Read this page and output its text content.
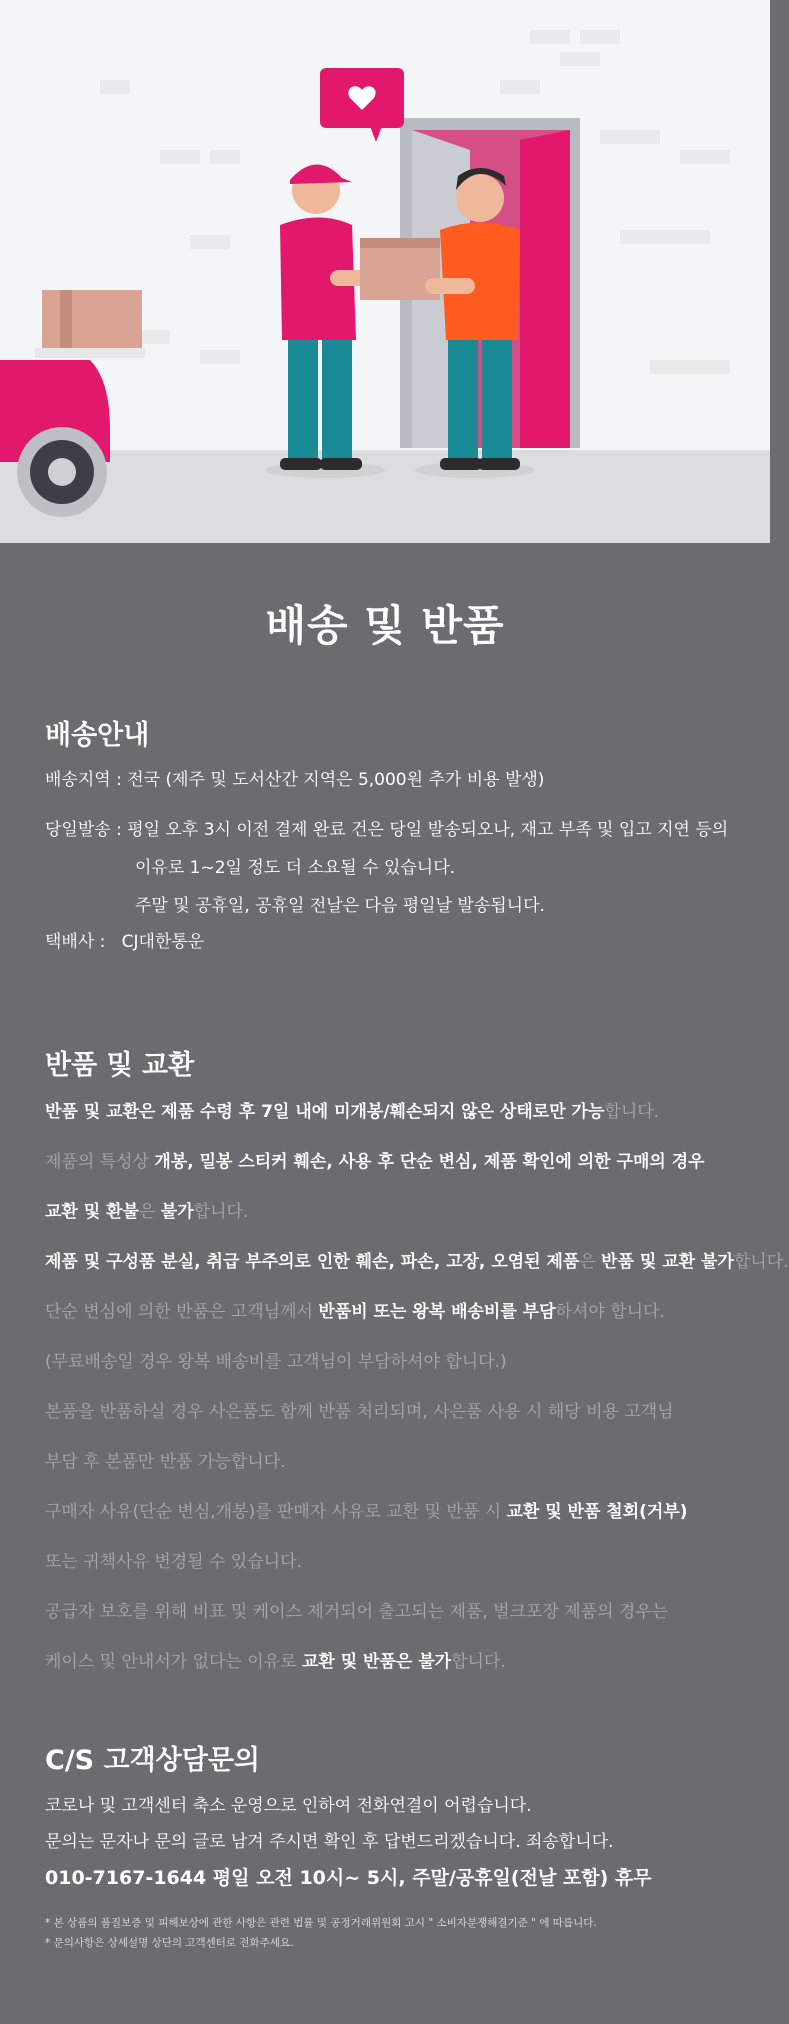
배송 및 반품
배송안내
배송지역 : 전국 (제주 및 도서산간 지역은 5,000원 추가 비용 발생)
당일발송 : 평일 오후 3시 이전 결제 완료 건은 당일 발송되오나, 재고 부족 및 입고 지연 등의
이유로 1~2일 정도 더 소요될 수 있습니다.
주말 및 공휴일, 공휴일 전날은 다음 평일날 발송됩니다.
택배사 : CJ대한통운
반품 및 교환
반품 및 교환은 제품 수령 후 7일 내에 미개봉/훼손되지 않은 상태로만 가능합니다.
제품의 특성상 개봉, 밀봉 스티커 훼손, 사용 후 단순 변심, 제품 확인에 의한 구매의 경우
교환 및 환불은 불가합니다.
제품 및 구성품 분실, 취급 부주의로 인한 훼손, 파손, 고장, 오염된 제품은 반품 및 교환 불가합니다.
단순 변심에 의한 반품은 고객님께서 반품비 또는 왕복 배송비를 부담하셔야 합니다.
(무료배송일 경우 왕복 배송비를 고객님이 부담하셔야 합니다.)
본품을 반품하실 경우 사은품도 함께 반품 처리되며, 사은품 사용 시 해당 비용 고객님
부담 후 본품만 반품 가능합니다.
구매자 사유(단순 변심,개봉)를 판매자 사유로 교환 및 반품 시 교환 및 반품 철회(거부)
또는 귀책사유 변경될 수 있습니다.
공급자 보호를 위해 비표 및 케이스 제거되어 출고되는 제품, 벌크포장 제품의 경우는
케이스 및 안내서가 없다는 이유로 교환 및 반품은 불가합니다.
C/S 고객상담문의
코로나 및 고객센터 축소 운영으로 인하여 전화연결이 어렵습니다.
문의는 문자나 문의 글로 남겨 주시면 확인 후 답변드리겠습니다. 죄송합니다.
010-7167-1644 평일 오전 10시~ 5시, 주말/공휴일(전날 포함) 휴무
* 본 상품의 품질보증 및 피해보상에 관한 사항은 관련 법률 및 공정거래위원회 고시 " 소비자분쟁해결기준 " 에 따릅니다.
* 문의사항은 상세설명 상단의 고객센터로 전화주세요.
